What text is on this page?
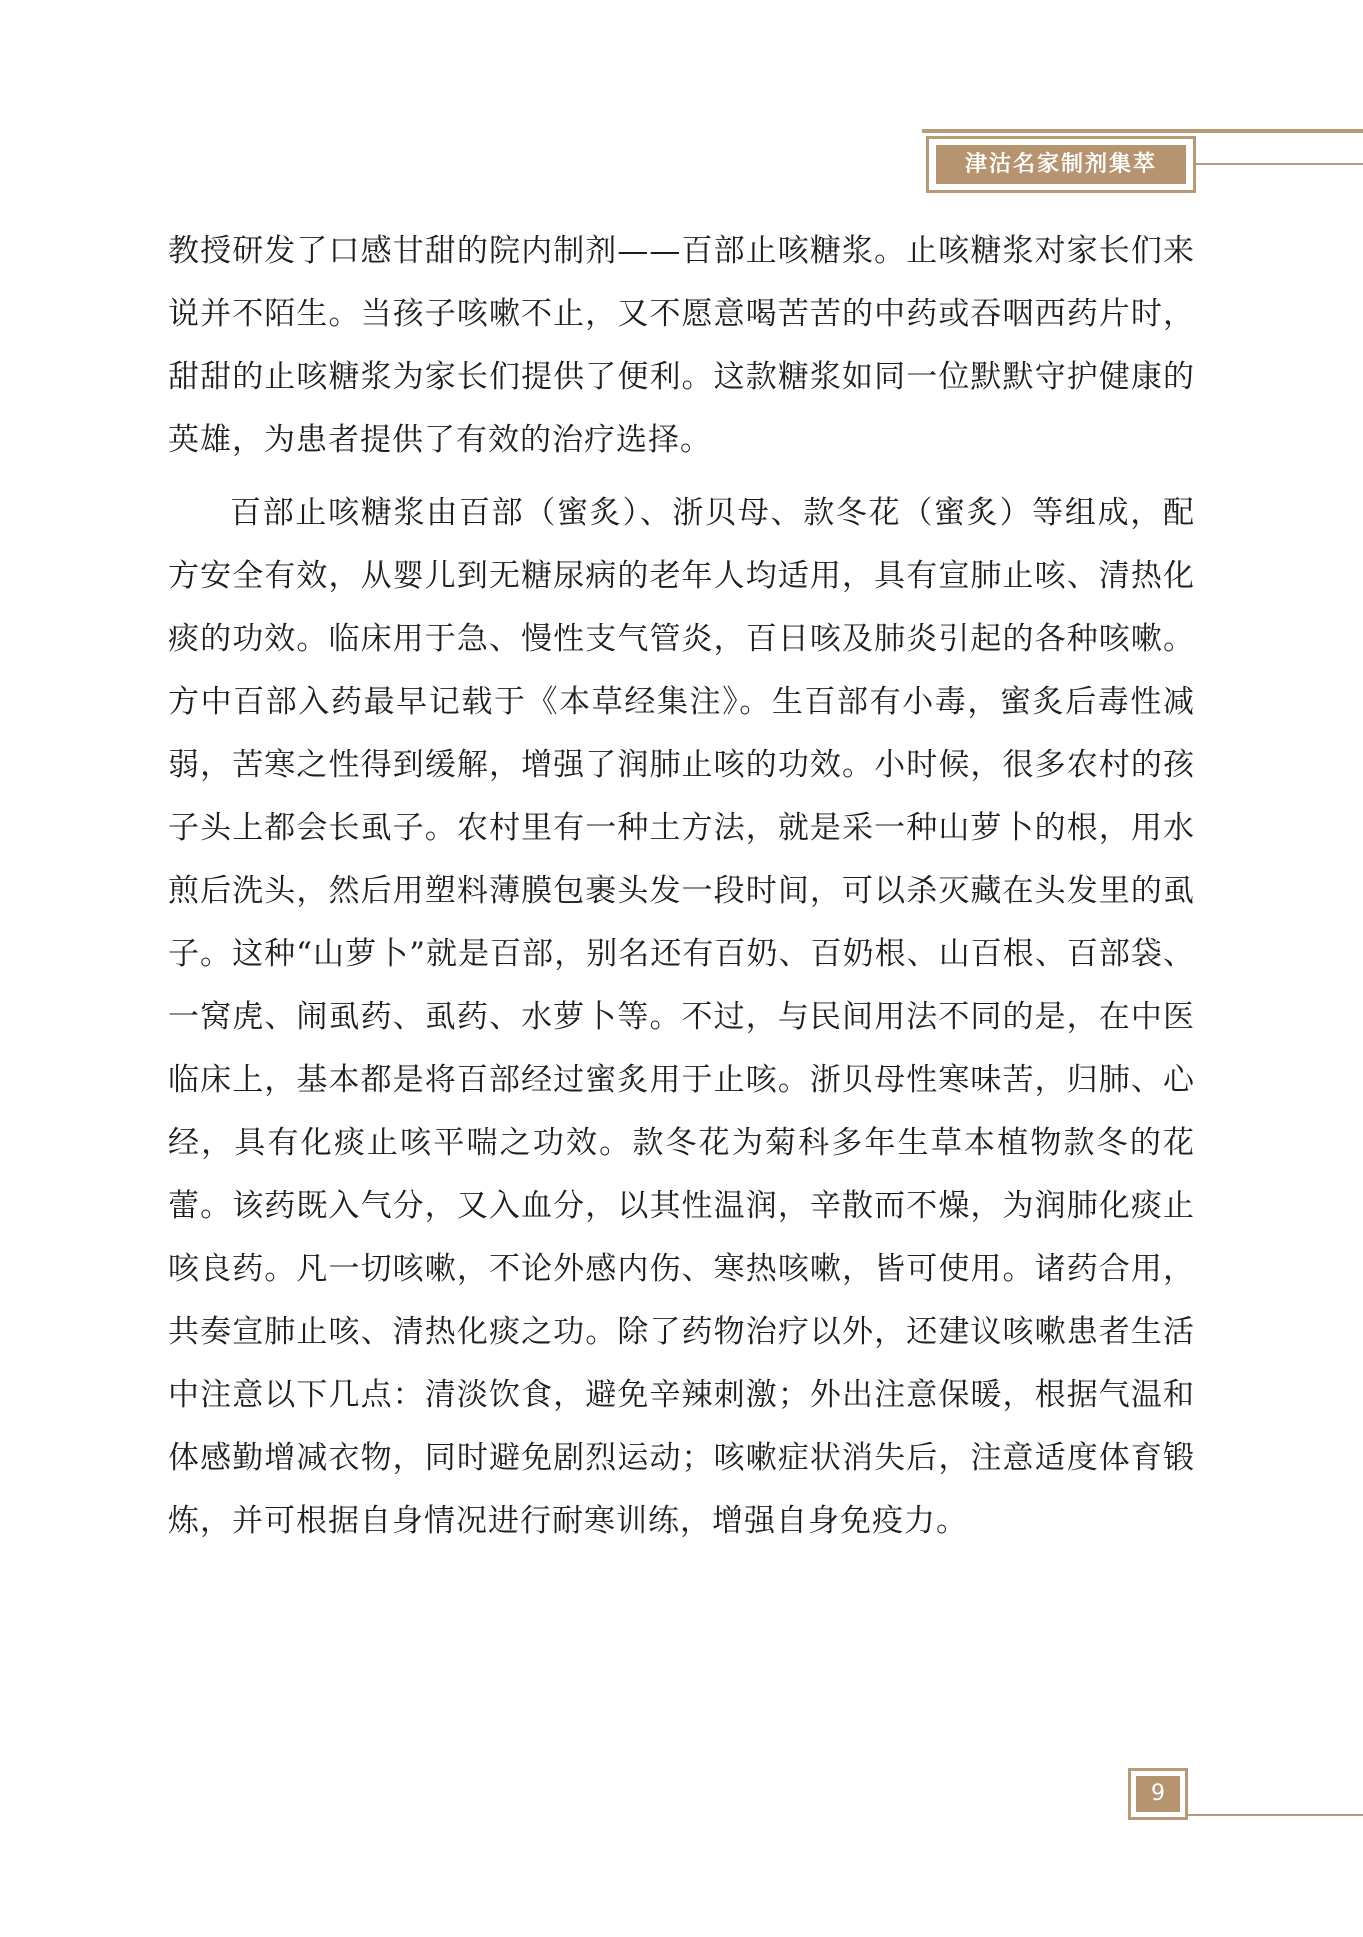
津沽名家制剂集萃

教授研发了口感甘甜的院内制剂——百部止咳糖浆。止咳糖浆对家长们来说并不陌生。当孩子咳嗽不止，又不愿意喝苦苦的中药或吞咽西药片时，甜甜的止咳糖浆为家长们提供了便利。这款糖浆如同一位默默守护健康的英雄，为患者提供了有效的治疗选择。

百部止咳糖浆由百部（蜜炙）、浙贝母、款冬花（蜜炙）等组成，配方安全有效，从婴儿到无糖尿病的老年人均适用，具有宣肺止咳、清热化痰的功效。临床用于急、慢性支气管炎，百日咳及肺炎引起的各种咳嗽。方中百部入药最早记载于《本草经集注》。生百部有小毒，蜜炙后毒性减弱，苦寒之性得到缓解，增强了润肺止咳的功效。小时候，很多农村的孩子头上都会长虱子。农村里有一种土方法，就是采一种山萝卜的根，用水煎后洗头，然后用塑料薄膜包裹头发一段时间，可以杀灭藏在头发里的虱子。这种“山萝卜”就是百部，别名还有百奶、百奶根、山百根、百部袋、一窝虎、闹虱药、虱药、水萝卜等。不过，与民间用法不同的是，在中医临床上，基本都是将百部经过蜜炙用于止咳。浙贝母性寒味苦，归肺、心经，具有化痰止咳平喘之功效。款冬花为菊科多年生草本植物款冬的花蕾。该药既入气分，又入血分，以其性温润，辛散而不燥，为润肺化痰止咳良药。凡一切咳嗽，不论外感内伤、寒热咳嗽，皆可使用。诸药合用，共奏宣肺止咳、清热化痰之功。除了药物治疗以外，还建议咳嗽患者生活中注意以下几点：清淡饮食，避免辛辣刺激；外出注意保暖，根据气温和体感勤增减衣物，同时避免剧烈运动；咳嗽症状消失后，注意适度体育锻炼，并可根据自身情况进行耐寒训练，增强自身免疫力。

9
